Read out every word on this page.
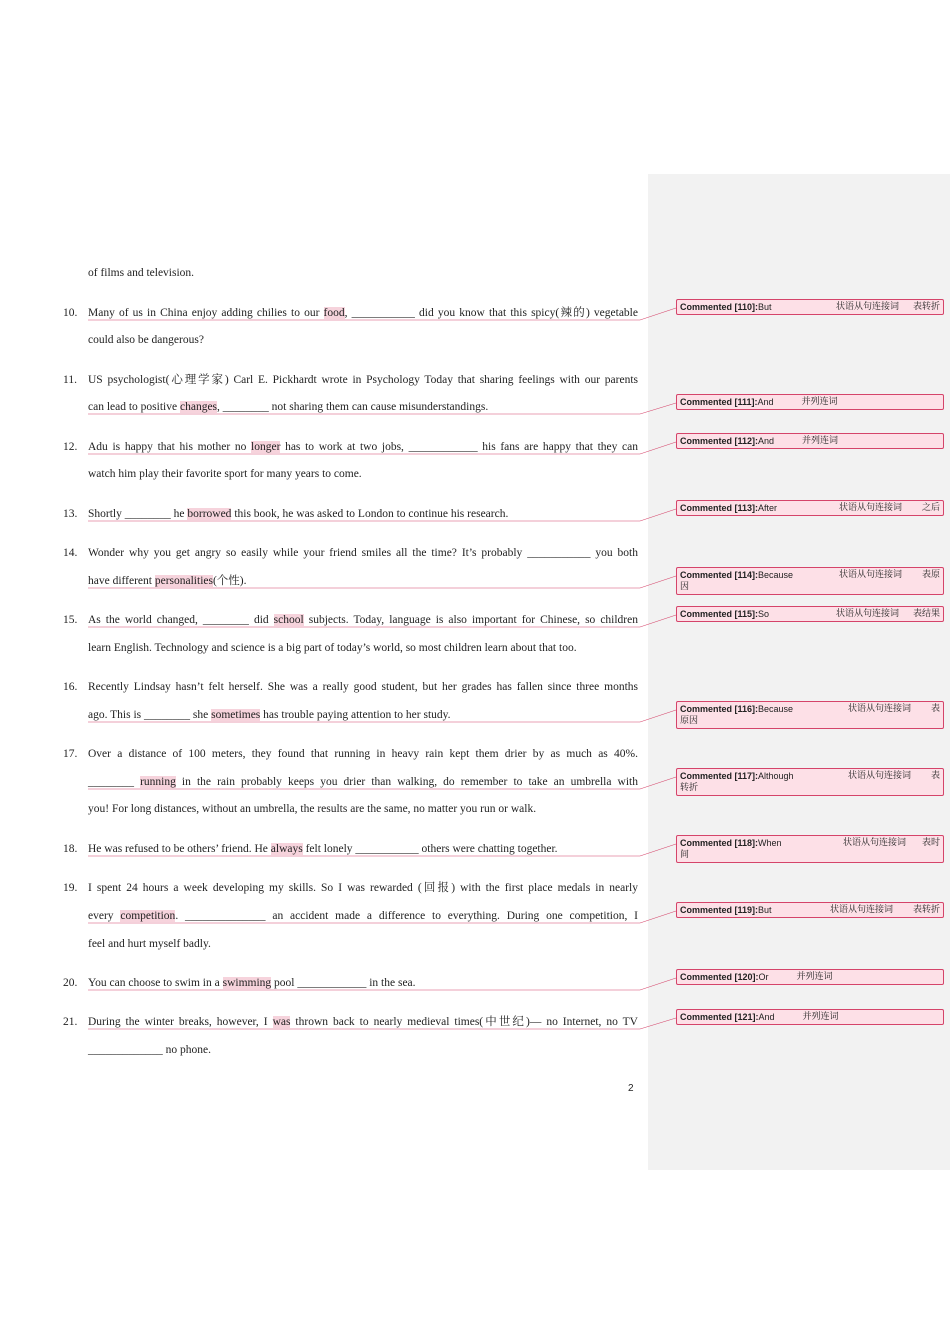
of films and television.
10. Many of us in China enjoy adding chilies to our food, ___________ did you know that this spicy(辣的) vegetable
could also be dangerous?
11. US psychologist(心理学家) Carl E. Pickhardt wrote in Psychology Today that sharing feelings with our parents
can lead to positive changes, ________ not sharing them can cause misunderstandings.
12. Adu is happy that his mother no longer has to work at two jobs, ____________ his fans are happy that they can
watch him play their favorite sport for many years to come.
13. Shortly ________ he borrowed this book, he was asked to London to continue his research.
14. Wonder why you get angry so easily while your friend smiles all the time? It’s probably ___________ you both
have different personalities(个性).
15. As the world changed, ________ did school subjects. Today, language is also important for Chinese, so children
learn English. Technology and science is a big part of today’s world, so most children learn about that too.
16. Recently Lindsay hasn’t felt herself. She was a really good student, but her grades has fallen since three months
ago. This is ________ she sometimes has trouble paying attention to her study.
17. Over a distance of 100 meters, they found that running in heavy rain kept them drier by as much as 40%.
________ running in the rain probably keeps you drier than walking, do remember to take an umbrella with
you! For long distances, without an umbrella, the results are the same, no matter you run or walk.
18. He was refused to be others’ friend. He always felt lonely ___________ others were chatting together.
19. I spent 24 hours a week developing my skills. So I was rewarded (回报) with the first place medals in nearly
every competition. ______________ an accident made a difference to everything. During one competition, I
feel and hurt myself badly.
20. You can choose to swim in a swimming pool ____________ in the sea.
21. During the winter breaks, however, I was thrown back to nearly medieval times(中世纪)— no Internet, no TV
_____________ no phone.
2
Commented [110]: But	状语从句连接词 表转折
Commented [111]: And	并列连词
Commented [112]: And	并列连词
Commented [113]: After	状语从句连接词 之后
Commented [114]: Because	状语从句连接词 表原
因
Commented [115]: So	状语从句连接词 表结果
Commented [116]: Because	状语从句连接词 表
原因
Commented [117]: Although	状语从句连接词 表
转折
Commented [118]: When	状语从句连接词 表时
间
Commented [119]: But	状语从句连接词 表转折
Commented [120]: Or	并列连词
Commented [121]: And	并列连词
